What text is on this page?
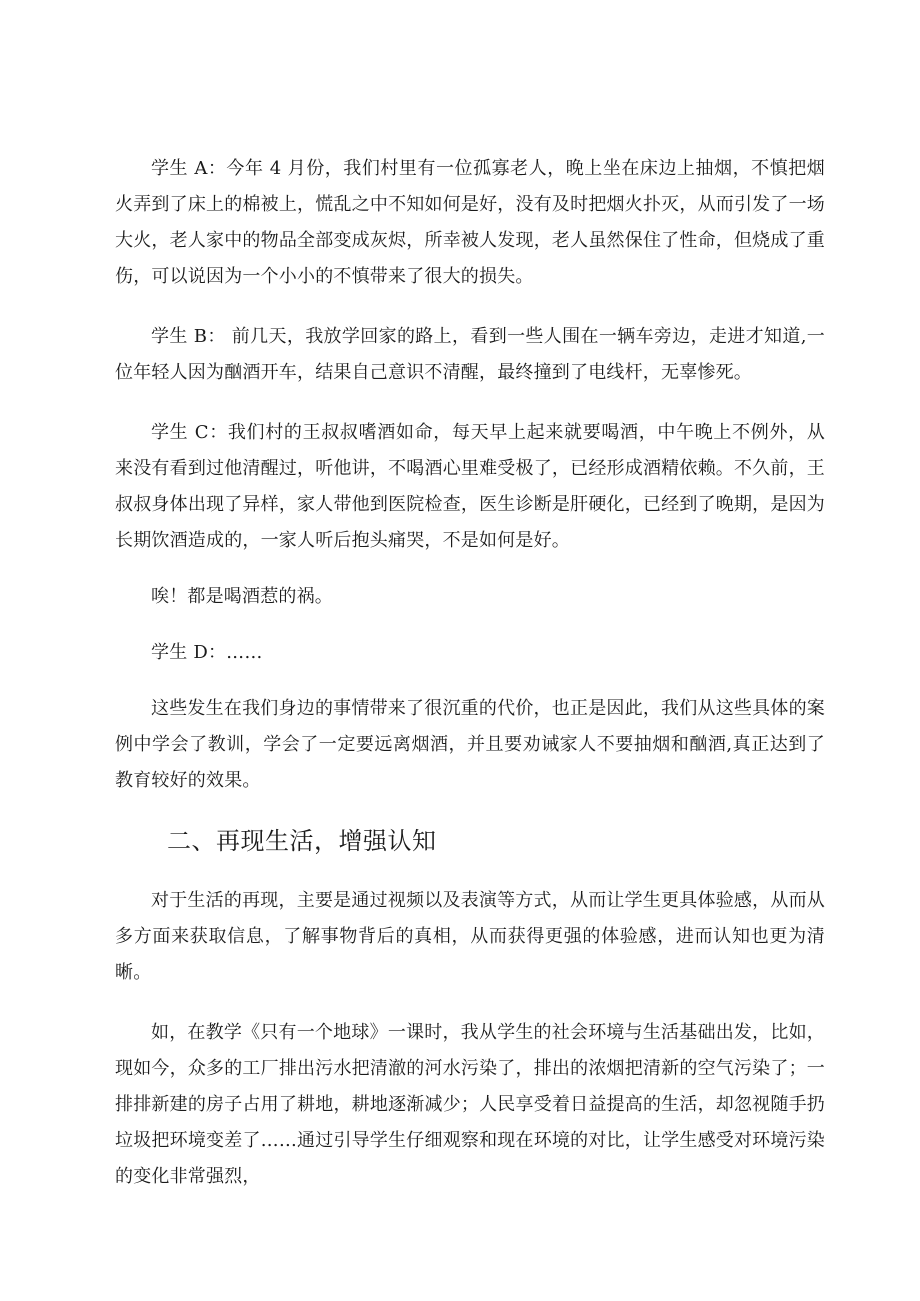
学生 A：今年 4 月份，我们村里有一位孤寡老人，晚上坐在床边上抽烟，不慎把烟火弄到了床上的棉被上，慌乱之中不知如何是好，没有及时把烟火扑灭，从而引发了一场大火，老人家中的物品全部变成灰烬，所幸被人发现，老人虽然保住了性命，但烧成了重伤，可以说因为一个小小的不慎带来了很大的损失。

学生 B： 前几天，我放学回家的路上，看到一些人围在一辆车旁边，走进才知道,一位年轻人因为酗酒开车，结果自己意识不清醒，最终撞到了电线杆，无辜惨死。

学生 C：我们村的王叔叔嗜酒如命，每天早上起来就要喝酒，中午晚上不例外，从来没有看到过他清醒过，听他讲，不喝酒心里难受极了，已经形成酒精依赖。不久前，王叔叔身体出现了异样，家人带他到医院检查，医生诊断是肝硬化，已经到了晚期，是因为长期饮酒造成的，一家人听后抱头痛哭，不是如何是好。

唉！都是喝酒惹的祸。

学生 D：……

这些发生在我们身边的事情带来了很沉重的代价，也正是因此，我们从这些具体的案例中学会了教训，学会了一定要远离烟酒，并且要劝诫家人不要抽烟和酗酒,真正达到了教育较好的效果。

二、再现生活，增强认知

对于生活的再现，主要是通过视频以及表演等方式，从而让学生更具体验感，从而从多方面来获取信息，了解事物背后的真相，从而获得更强的体验感，进而认知也更为清晰。

如，在教学《只有一个地球》一课时，我从学生的社会环境与生活基础出发，比如，现如今，众多的工厂排出污水把清澈的河水污染了，排出的浓烟把清新的空气污染了；一排排新建的房子占用了耕地，耕地逐渐减少；人民享受着日益提高的生活，却忽视随手扔垃圾把环境变差了……通过引导学生仔细观察和现在环境的对比，让学生感受对环境污染的变化非常强烈，
